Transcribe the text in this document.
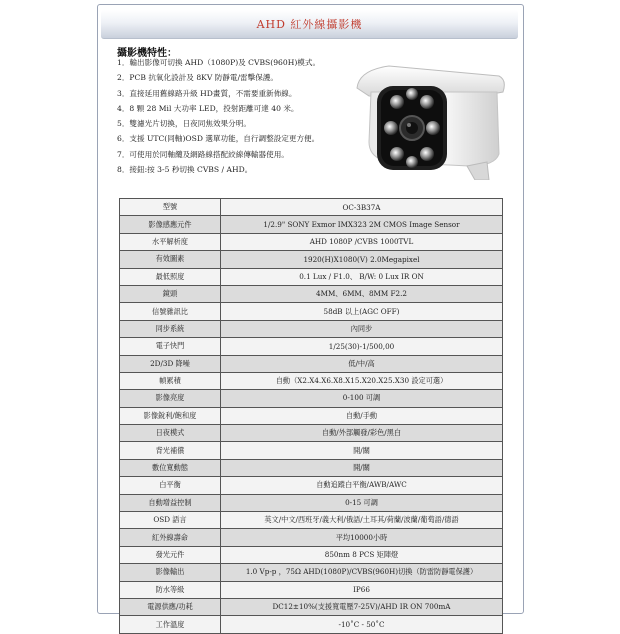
AHD 紅外線攝影機
攝影機特性：
1．輸出影像可切換 AHD（1080P)及 CVBS(960H)模式。
2．PCB 抗氧化設計及 8KV 防靜電/雷擊保護。
3．直接延用舊線路升級 HD畫質，不需要重新佈線。
4．8 顆 28 Mil 大功率 LED，投射距離可達 40 米。
5．雙濾光片切換，日夜同焦效果分明。
6．支援 UTC(同軸)OSD 選單功能，自行調整設定更方便。
7．可使用於同軸纜及網路線搭配絞線傳輸器使用。
8．接鈕:按 3-5 秒切換 CVBS / AHD。
型號	OC-3B37A
影像感應元件	1/2.9" SONY Exmor IMX323 2M CMOS Image Sensor
水平解析度	AHD 1080P /CVBS 1000TVL
有效圖素	1920(H)X1080(V) 2.0Megapixel
最低照度	0.1 Lux / F1.0、 B/W: 0 Lux IR ON
鏡頭	4MM、6MM、8MM F2.2
信號雜訊比	58dB 以上(AGC OFF)
同步系統	內同步
電子快門	1/25(30)-1/500,00
2D/3D 降噪	低/中/高
幀累積	自動（X2.X4.X6.X8.X15.X20.X25.X30 設定可選）
影像亮度	0-100 可調
影像銳利/飽和度	自動/手動
日夜模式	自動/外部觸發/彩色/黑白
背光補償	開/關
數位寬動態	開/關
白平衡	自動追蹤白平衡/AWB/AWC
自動增益控制	0-15 可調
OSD 語言	英文/中文/西班牙/義大利/俄語/土耳其/荷蘭/波蘭/葡萄語/德語
紅外線壽命	平均10000小時
發光元件	850nm 8 PCS 矩陣燈
影像輸出	1.0 Vp-p ，75Ω AHD(1080P)/CVBS(960H)切換（防雷防靜電保護）
防水等級	IP66
電源供應/功耗	DC12±10%(支援寬電壓7-25V)/AHD IR ON 700mA
工作溫度	-10˚C - 50˚C
